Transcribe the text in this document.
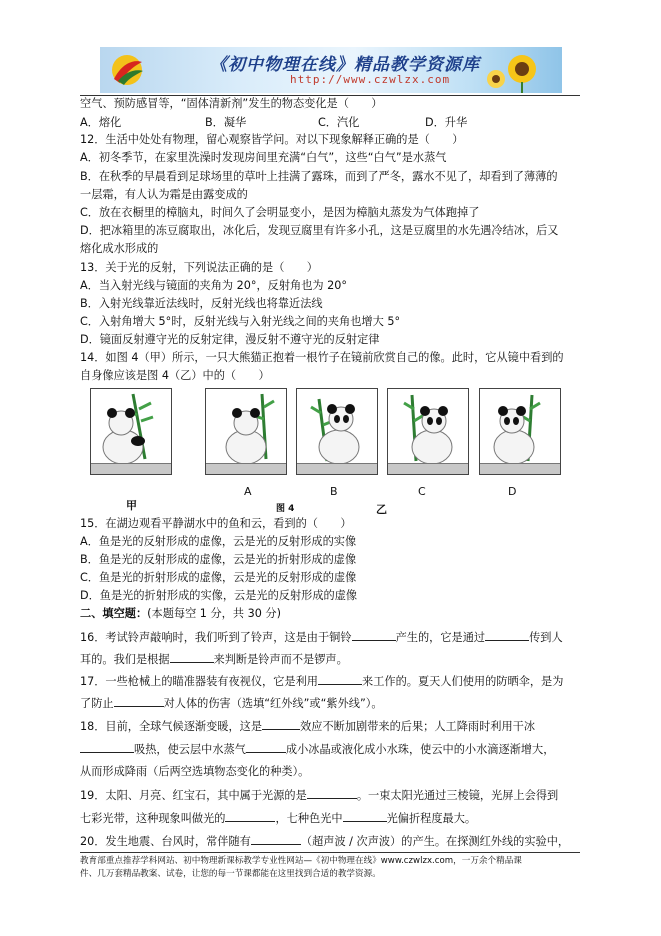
《初中物理在线》精品教学资源库
http://www.czwlzx.com
空气、预防感冒等，“固体清新剂”发生的物态变化是（　　）
A．熔化	B．凝华	C．汽化	D．升华
12．生活中处处有物理，留心观察皆学问。对以下现象解释正确的是（　　）
A．初冬季节，在家里洗澡时发现房间里充满“白气”，这些“白气”是水蒸气
B．在秋季的早晨看到足球场里的草叶上挂满了露珠，而到了严冬，露水不见了，却看到了薄薄的
一层霜，有人认为霜是由露变成的
C．放在衣橱里的樟脑丸，时间久了会明显变小，是因为樟脑丸蒸发为气体跑掉了
D．把冰箱里的冻豆腐取出，冰化后，发现豆腐里有许多小孔，这是豆腐里的水先遇冷结冰，后又
熔化成水形成的
13．关于光的反射，下列说法正确的是（　　）
A．当入射光线与镜面的夹角为 20°，反射角也为 20°
B．入射光线靠近法线时，反射光线也将靠近法线
C．入射角增大 5°时，反射光线与入射光线之间的夹角也增大 5°
D．镜面反射遵守光的反射定律，漫反射不遵守光的反射定律
14．如图 4（甲）所示，一只大熊猫正抱着一根竹子在镜前欣赏自己的像。此时，它从镜中看到的
自身像应该是图 4（乙）中的（　　）
甲
A
图 4
B
乙
C	D
15．在湖边观看平静湖水中的鱼和云，看到的（　　）
A．鱼是光的反射形成的虚像，云是光的反射形成的实像
B．鱼是光的反射形成的虚像，云是光的折射形成的虚像
C．鱼是光的折射形成的虚像，云是光的反射形成的虚像
D．鱼是光的折射形成的实像，云是光的反射形成的虚像
二、填空题：(本题每空 1 分，共 30 分)
16．考试铃声敲响时，我们听到了铃声，这是由于铜铃	产生的，它是通过	传到人
耳的。我们是根据	来判断是铃声而不是锣声。
17．一些枪械上的瞄准器装有夜视仪，它是利用	来工作的。夏天人们使用的防晒伞，是为
了防止	对人体的伤害（选填“红外线”或“紫外线”）。
18．目前，全球气候逐渐变暖，这是	效应不断加剧带来的后果；人工降雨时利用干冰
吸热，使云层中水蒸气	成小冰晶或液化成小水珠，使云中的小水滴逐渐增大，
从而形成降雨（后两空选填物态变化的种类）。
19．太阳、月亮、红宝石，其中属于光源的是	。一束太阳光通过三棱镜，光屏上会得到
七彩光带，这种现象叫做光的	，七种色光中	光偏折程度最大。
20．发生地震、台风时，常伴随有	（超声波 / 次声波）的产生。在探测红外线的实验中，
教育部重点推荐学科网站、初中物理新课标教学专业性网站—《初中物理在线》www.czwlzx.com，一万余个精品课
件、几万套精品教案、试卷，让您的每一节课都能在这里找到合适的教学资源。
